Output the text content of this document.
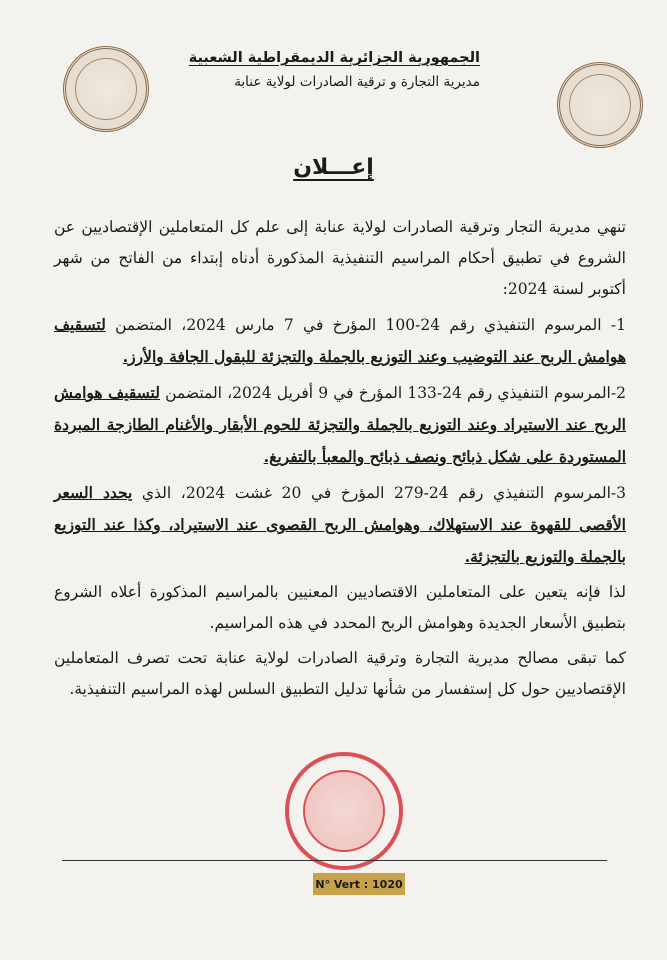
الجمهورية الجزائرية الديمقراطية الشعبية
مديرية التجارة و ترقية الصادرات لولاية عنابة
إعـــلان

تنهي مديرية التجار وترقية الصادرات لولاية عنابة إلى علم كل المتعاملين الإقتصاديين عن الشروع في تطبيق أحكام المراسيم التنفيذية المذكورة أدناه إبتداء من الفاتح من شهر أكتوبر لسنة 2024:

1- المرسوم التنفيذي رقم 24-100 المؤرخ في 7 مارس 2024، المتضمن لتسقيف هوامش الربح عند التوضيب وعند التوزيع بالجملة والتجزئة للبقول الجافة والأرز.

2-المرسوم التنفيذي رقم 24-133 المؤرخ في 9 أفريل 2024، المتضمن لتسقيف هوامش الربح عند الاستيراد وعند التوزيع بالجملة والتجزئة للحوم الأبقار والأغنام الطازجة المبردة المستوردة على شكل ذبائح ونصف ذبائح والمعبأ بالتفريغ.

3-المرسوم التنفيذي رقم 24-279 المؤرخ في 20 غشت 2024، الذي يحدد السعر الأقصى للقهوة عند الاستهلاك، وهوامش الربح القصوى عند الاستيراد، وكذا عند التوزيع بالجملة والتوزيع بالتجزئة.

لذا فإنه يتعين على المتعاملين الاقتصاديين المعنيين بالمراسيم المذكورة أعلاه الشروع بتطبيق الأسعار الجديدة وهوامش الربح المحدد في هذه المراسيم.

كما تبقى مصالح مديرية التجارة وترقية الصادرات لولاية عنابة تحت تصرف المتعاملين الإقتصاديين حول كل إستفسار من شأنها تدليل التطبيق السلس لهذه المراسيم التنفيذية.

N° Vert : 1020
